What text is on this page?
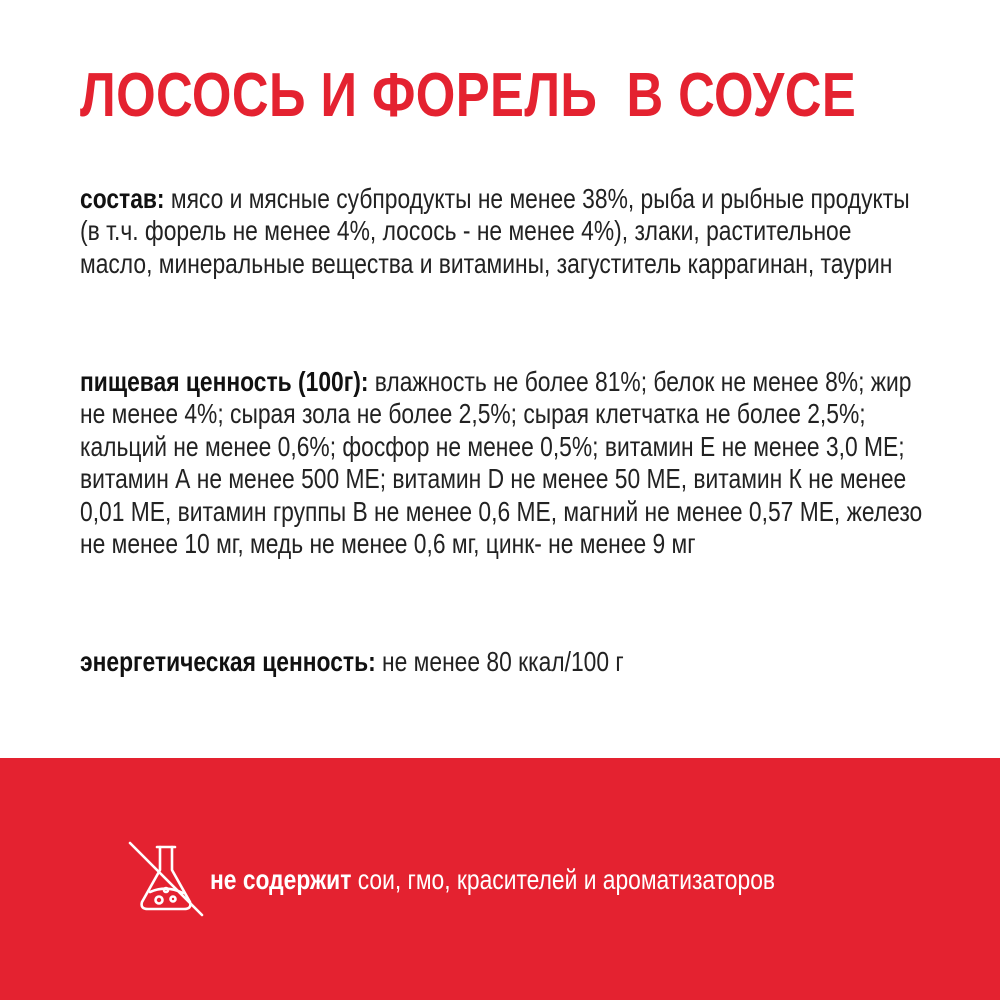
ЛОСОСЬ И ФОРЕЛЬ  В СОУСЕ

состав: мясо и мясные субпродукты не менее 38%, рыба и рыбные продукты (в т.ч. форель не менее 4%, лосось - не менее 4%), злаки, растительное масло, минеральные вещества и витамины, загуститель каррагинан, таурин

пищевая ценность (100г): влажность не более 81%; белок не менее 8%; жир не менее 4%; сырая зола не более 2,5%; сырая клетчатка не более 2,5%; кальций не менее 0,6%; фосфор не менее 0,5%; витамин Е не менее 3,0 МЕ; витамин А не менее 500 МЕ; витамин D не менее 50 МЕ, витамин К не менее 0,01 МЕ, витамин группы В не менее 0,6 МЕ, магний не менее 0,57 МЕ, железо не менее 10 мг, медь не менее 0,6 мг, цинк- не менее 9 мг

энергетическая ценность: не менее 80 ккал/100 г

не содержит сои, гмо, красителей и ароматизаторов
